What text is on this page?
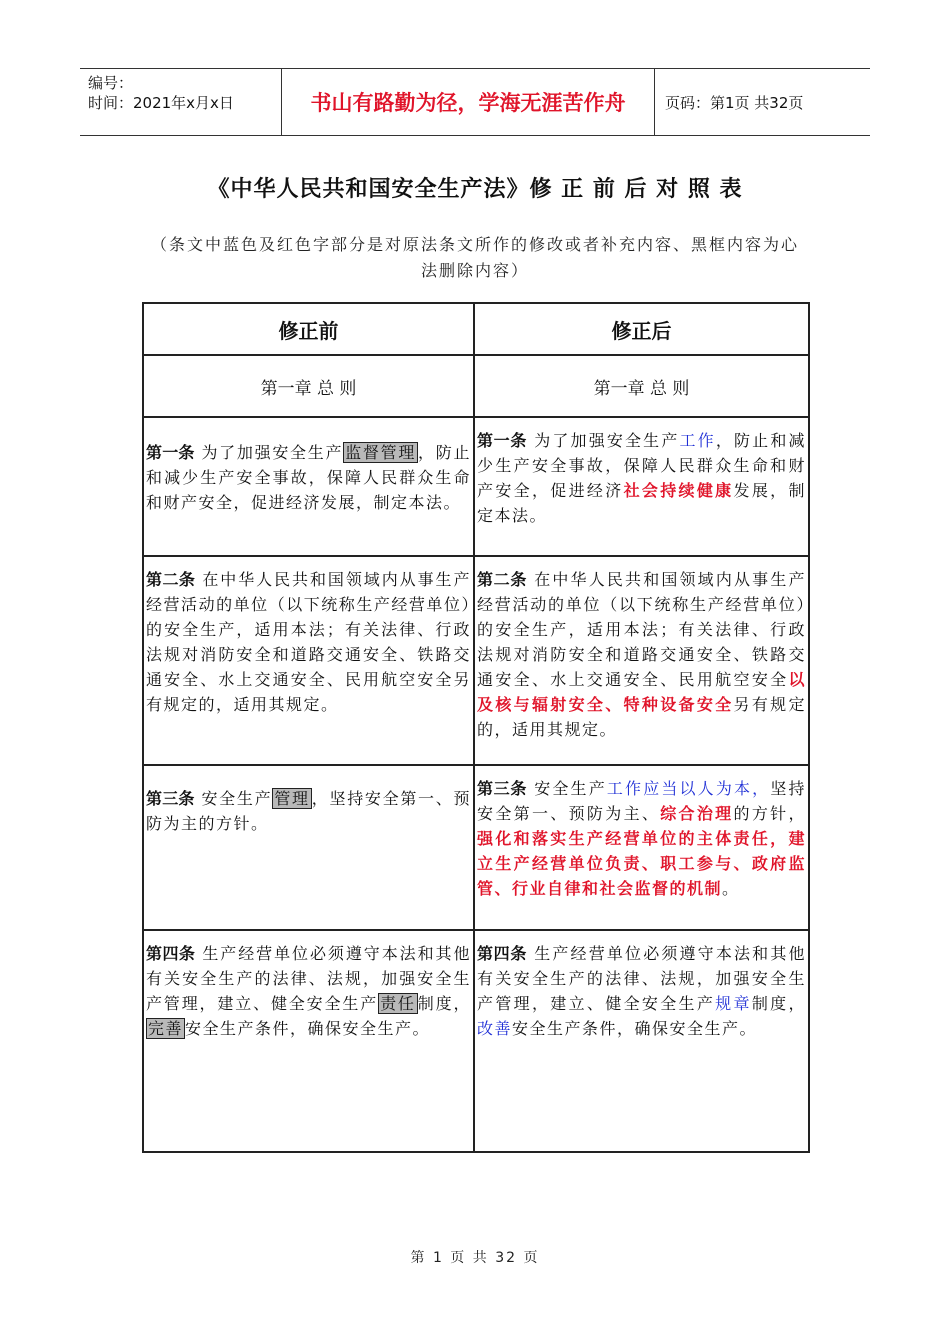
编号：
时间：2021年x月x日	书山有路勤为径，学海无涯苦作舟	页码：第1页 共32页
《中华人民共和国安全生产法》修 正 前 后 对 照 表
（条文中蓝色及红色字部分是对原法条文所作的修改或者补充内容、黑框内容为心法删除内容）
修正前	修正后
第一章 总 则	第一章 总 则
第一条 为了加强安全生产 监督管理 ，防止和减少生产安全事故，保障人民群众生命和财产安全，促进经济发展，制定本法。	第一条 为了加强安全生产工作，防止和减少生产安全事故，保障人民群众生命和财产安全，促进经济社会持续健康发展，制定本法。
第二条 在中华人民共和国领域内从事生产经营活动的单位（以下统称生产经营单位）的安全生产，适用本法；有关法律、行政法规对消防安全和道路交通安全、铁路交通安全、水上交通安全、民用航空安全另有规定的，适用其规定。	第二条 在中华人民共和国领域内从事生产经营活动的单位（以下统称生产经营单位）的安全生产，适用本法；有关法律、行政法规对消防安全和道路交通安全、铁路交通安全、水上交通安全、民用航空安全以及核与辐射安全、特种设备安全另有规定的，适用其规定。
第三条 安全生产 管理 ，坚持安全第一、预防为主的方针。	第三条 安全生产工作应当以人为本，坚持安全第一、预防为主、综合治理的方针，强化和落实生产经营单位的主体责任，建立生产经营单位负责、职工参与、政府监管、行业自律和社会监督的机制。
第四条 生产经营单位必须遵守本法和其他有关安全生产的法律、法规，加强安全生产管理，建立、健全安全生产 责任 制度，完善 安全生产条件，确保安全生产。	第四条 生产经营单位必须遵守本法和其他有关安全生产的法律、法规，加强安全生产管理，建立、健全安全生产规章制度，改善安全生产条件，确保安全生产。
第 1 页 共 32 页
